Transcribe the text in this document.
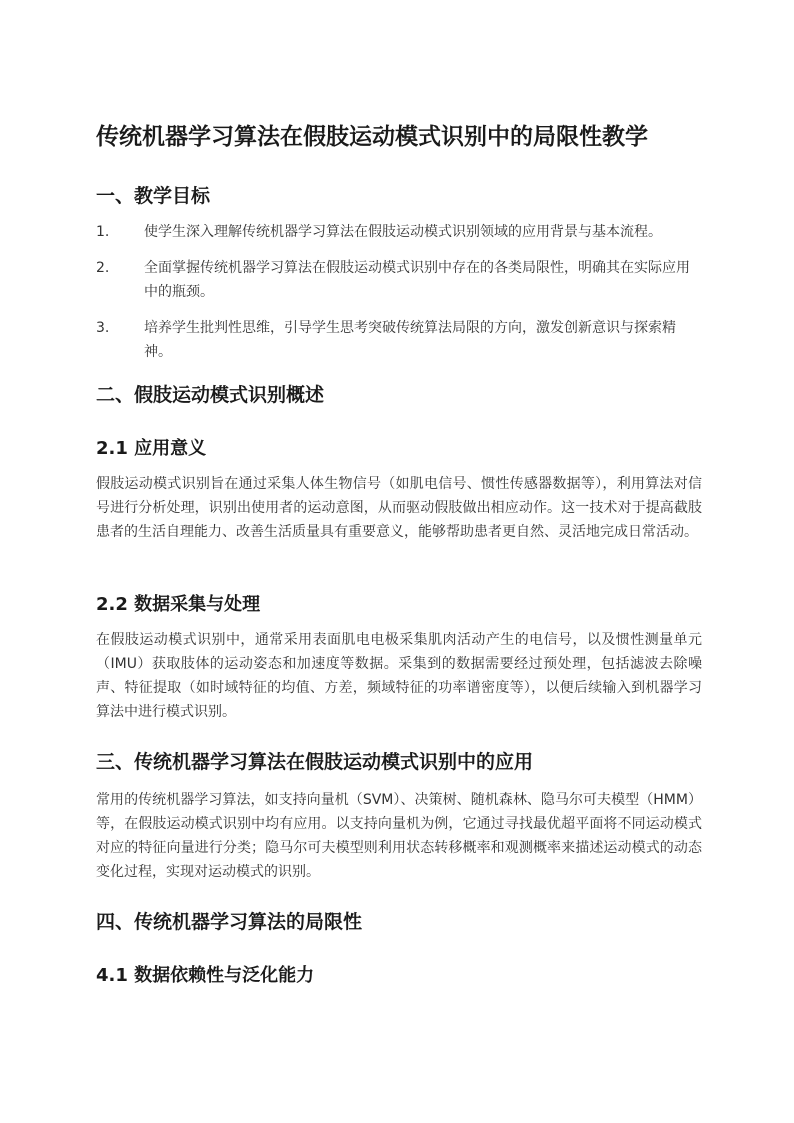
传统机器学习算法在假肢运动模式识别中的局限性教学
一、教学目标
1. 使学生深入理解传统机器学习算法在假肢运动模式识别领域的应用背景与基本流程。
2. 全面掌握传统机器学习算法在假肢运动模式识别中存在的各类局限性，明确其在实际应用中的瓶颈。
3. 培养学生批判性思维，引导学生思考突破传统算法局限的方向，激发创新意识与探索精神。
二、假肢运动模式识别概述
2.1 应用意义
假肢运动模式识别旨在通过采集人体生物信号（如肌电信号、惯性传感器数据等），利用算法对信号进行分析处理，识别出使用者的运动意图，从而驱动假肢做出相应动作。这一技术对于提高截肢患者的生活自理能力、改善生活质量具有重要意义，能够帮助患者更自然、灵活地完成日常活动。
2.2 数据采集与处理
在假肢运动模式识别中，通常采用表面肌电电极采集肌肉活动产生的电信号，以及惯性测量单元（IMU）获取肢体的运动姿态和加速度等数据。采集到的数据需要经过预处理，包括滤波去除噪声、特征提取（如时域特征的均值、方差，频域特征的功率谱密度等），以便后续输入到机器学习算法中进行模式识别。
三、传统机器学习算法在假肢运动模式识别中的应用
常用的传统机器学习算法，如支持向量机（SVM）、决策树、随机森林、隐马尔可夫模型（HMM）等，在假肢运动模式识别中均有应用。以支持向量机为例，它通过寻找最优超平面将不同运动模式对应的特征向量进行分类；隐马尔可夫模型则利用状态转移概率和观测概率来描述运动模式的动态变化过程，实现对运动模式的识别。
四、传统机器学习算法的局限性
4.1 数据依赖性与泛化能力
